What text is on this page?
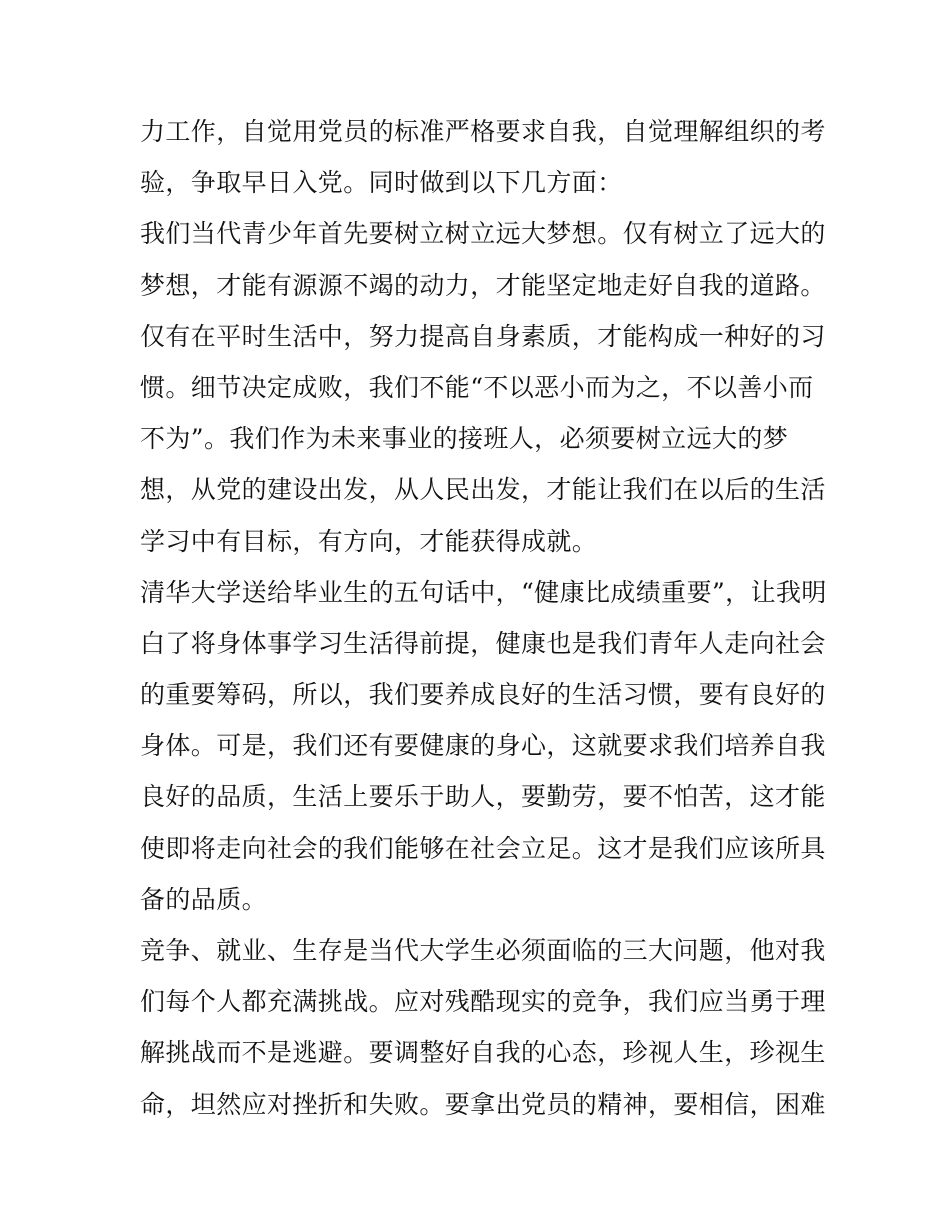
力工作，自觉用党员的标准严格要求自我，自觉理解组织的考
验，争取早日入党。同时做到以下几方面：
我们当代青少年首先要树立树立远大梦想。仅有树立了远大的
梦想，才能有源源不竭的动力，才能坚定地走好自我的道路。
仅有在平时生活中，努力提高自身素质，才能构成一种好的习
惯。细节决定成败，我们不能“不以恶小而为之，不以善小而
不为”。我们作为未来事业的接班人，必须要树立远大的梦
想，从党的建设出发，从人民出发，才能让我们在以后的生活
学习中有目标，有方向，才能获得成就。
清华大学送给毕业生的五句话中，“健康比成绩重要”，让我明
白了将身体事学习生活得前提，健康也是我们青年人走向社会
的重要筹码，所以，我们要养成良好的生活习惯，要有良好的
身体。可是，我们还有要健康的身心，这就要求我们培养自我
良好的品质，生活上要乐于助人，要勤劳，要不怕苦，这才能
使即将走向社会的我们能够在社会立足。这才是我们应该所具
备的品质。
竞争、就业、生存是当代大学生必须面临的三大问题，他对我
们每个人都充满挑战。应对残酷现实的竞争，我们应当勇于理
解挑战而不是逃避。要调整好自我的心态，珍视人生，珍视生
命，坦然应对挫折和失败。要拿出党员的精神，要相信，困难
